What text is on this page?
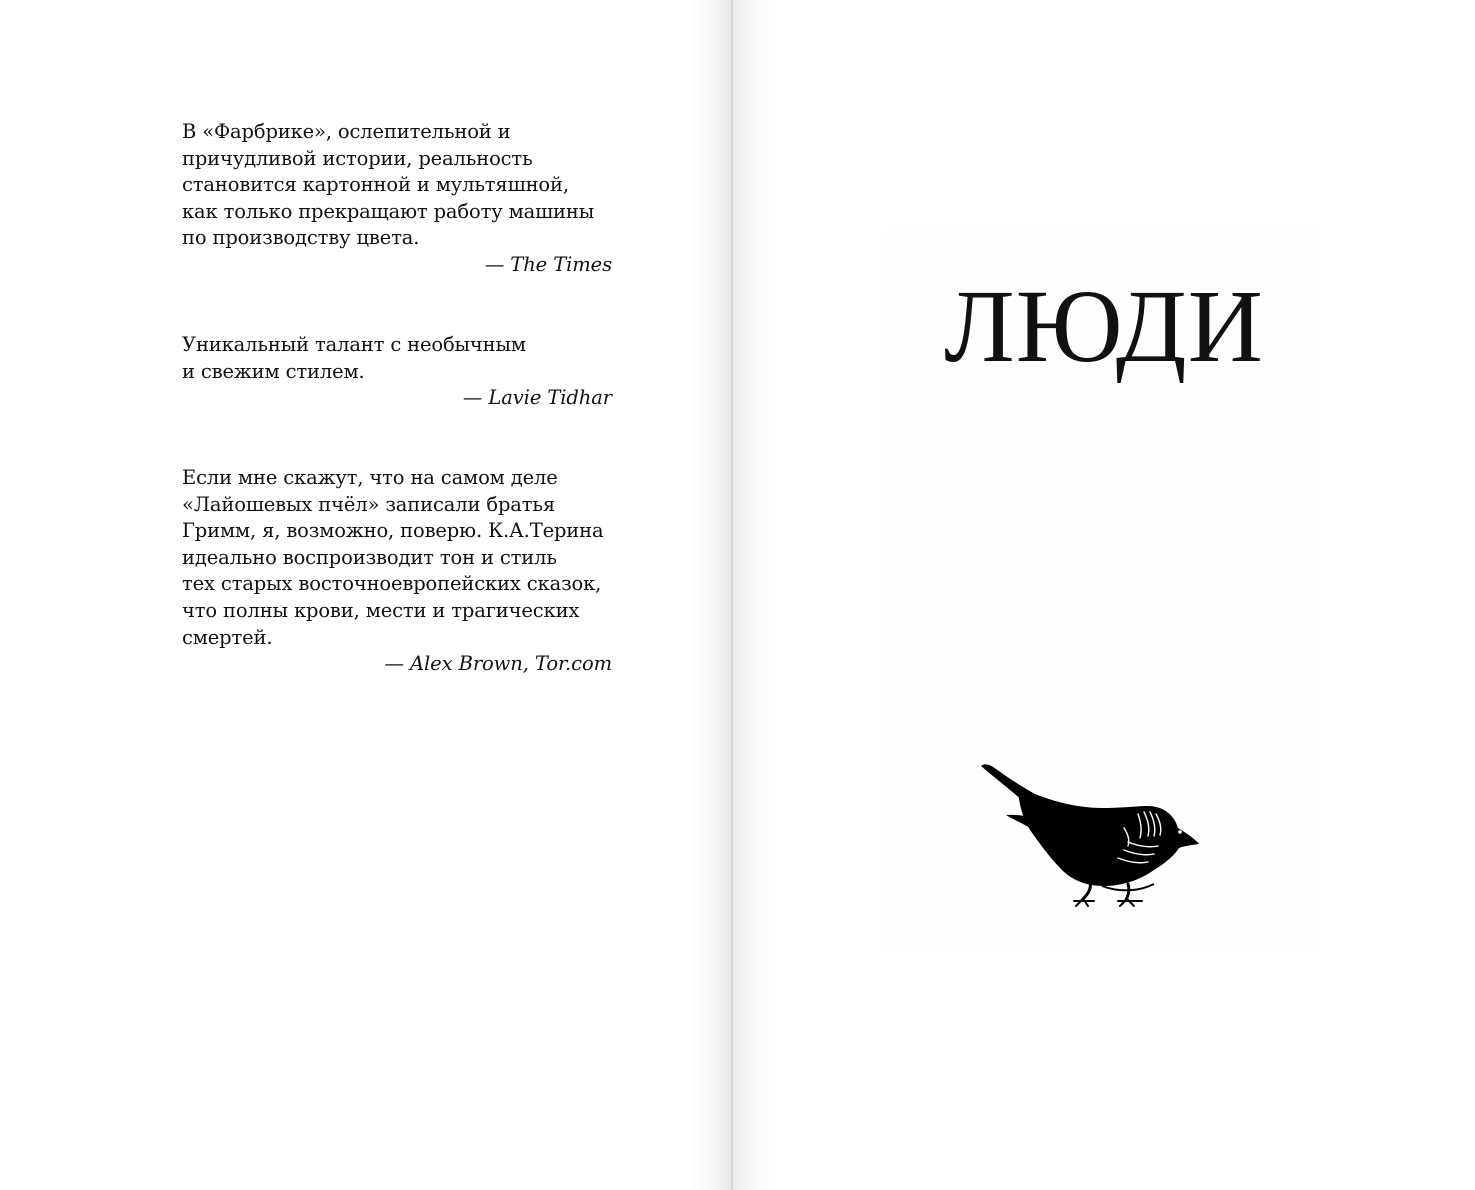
В «Фарбрике», ослепительной и
причудливой истории, реальность
становится картонной и мультяшной,
как только прекращают работу машины
по производству цвета.

— The Times

Уникальный талант с необычным
и свежим стилем.

— Lavie Tidhar

Если мне скажут, что на самом деле
«Лайошевых пчёл» записали братья
Гримм, я, возможно, поверю. К.А.Терина
идеально воспроизводит тон и стиль
тех старых восточноевропейских сказок,
что полны крови, мести и трагических
смертей.

— Alex Brown, Tor.com

ЛЮДИ
